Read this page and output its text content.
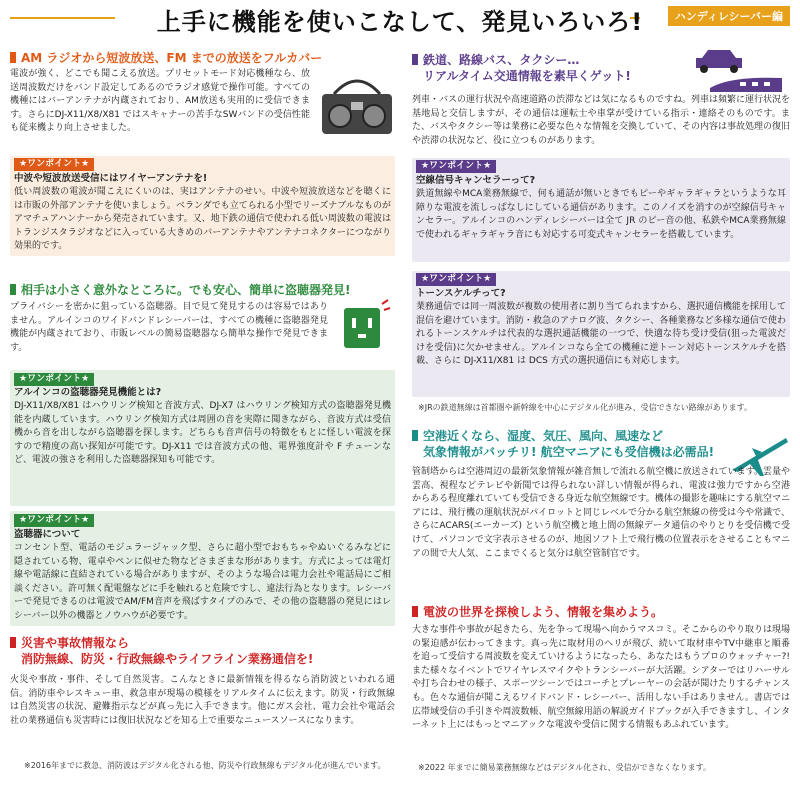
上手に機能を使いこなして、発見いろいろ!	ハンディレシーバー編
AM ラジオから短波放送、FM までの放送をフルカバー
電波が強く、どこでも聞こえる放送。プリセットモード対応機種なら、放送周波数だけをバンド設定してあるのでラジオ感覚で操作可能。すべての機種にはバーアンテナが内蔵されており、AM放送も実用的に受信できます。さらにDJ-X11/X8/X81 ではスキャナーの苦手なSWバンドの受信性能も従来機より向上させました。
★ワンポイント★
中波や短波放送受信にはワイヤーアンテナを!
低い周波数の電波が聞こえにくいのは、実はアンテナのせい。中波や短波放送などを聴くには市販の外部アンテナを使いましょう。ベランダでも立てられる小型でリーズナブルなものがアマチュアハンナーから発売されています。又、地下鉄の通信で使われる低い周波数の電波はトランジスタラジオなどに入っている大きめのバーアンテナやアンテナコネクターにつながり効果的です。
相手は小さく意外なところに。でも安心、簡単に盗聴器発見!
プライバシーを密かに狙っている盗聴器。目で見て発見するのは容易ではありません。アルインコのワイドバンドレシーバーは、すべての機種に盗聴器発見機能が内蔵されており、市販レベルの簡易盗聴器なら簡単な操作で発見できます。
★ワンポイント★
アルインコの盗聴器発見機能とは?
DJ-X11/X8/X81 はハウリング検知と音波方式、DJ-X7 はハウリング検知方式の盗聴器発見機能を内蔵しています。ハウリング検知方式は周囲の音を実際に聞きながら、音波方式は受信機から音を出しながら盗聴器を探します。どちらも音声信号の特徴をもとに怪しい電波を探すので精度の高い探知が可能です。DJ-X11 では音波方式の他、電界強度計や F チューンなど、電波の強さを利用した盗聴器探知も可能です。
★ワンポイント★
盗聴器について
コンセント型、電話のモジュラージャック型、さらに超小型でおもちゃやぬいぐるみなどに隠されている物、電卓やペンに似せた物などさまざまな形があります。方式によっては電灯線や電話線に直結されている場合がありますが、そのような場合は電力会社や電話局にご相談ください。許可無く配電盤などに手を触れると危険ですし、違法行為となります。レシーバーで発見できるのは電波でAM/FM音声を飛ばすタイプのみで、その他の盗聴器の発見にはレシーバー以外の機器とノウハウが必要です。
災害や事故情報なら
消防無線、防災・行政無線やライフライン業務通信を!
火災や事故・事件、そして自然災害。こんなときに最新情報を得るなら消防波といわれる通信。消防車やレスキュー車、救急車が現場の模様をリアルタイムに伝えます。防災・行政無線は自然災害の状況、避難指示などが真っ先に入手できます。他にガス会社、電力会社や電話会社の業務通信も災害時には復旧状況などを知る上で重要なニュースソースになります。
※2016年までに救急、消防波はデジタル化される他、防災や行政無線もデジタル化が進んでいます。
鉄道、路線バス、タクシー…
リアルタイム交通情報を素早くゲット!
列車・バスの運行状況や高速道路の渋滞などは気になるものですね。列車は頻繁に運行状況を基地局と交信しますが、その通信は運転士や車掌が受けている指示・連絡そのものです。また、バスやタクシー等は業務に必要な色々な情報を交換していて、その内容は事故処理の復旧や渋滞の状況など、役に立つものがあります。
★ワンポイント★
空線信号キャンセラーって?
鉄道無線やMCA業務無線で、何も通話が無いときでもピーやギャラギャラというような耳障りな電波を流しっぱなしにしている通信があります。このノイズを消すのが空線信号キャンセラー。アルインコのハンディレシーバーは全て JR のピー音の他、私鉄やMCA業務無線で使われるギャラギャラ音にも対応する可変式キャンセラーを搭載しています。
★ワンポイント★
トーンスケルチって?
業務通信では同一周波数が複数の使用者に割り当てられますから、選択通信機能を採用して混信を避けています。消防・救急のアナログ波、タクシー、各種業務など多様な通信で使われるトーンスケルチは代表的な選択通話機能の一つで、快適な待ち受け受信(狙った電波だけを受信)に欠かせません。アルインコなら全ての機種に逆トーン対応トーンスケルチを搭載、さらに DJ-X11/X81 は DCS 方式の選択通信にも対応します。
※JRの鉄道無線は首都圏や新幹線を中心にデジタル化が進み、受信できない路線があります。
空港近くなら、湿度、気圧、風向、風速など
気象情報がバッチリ! 航空マニアにも受信機は必需品!
管制塔からは空港周辺の最新気象情報が雑音無しで流れる航空機に放送されています。雲量や雲高、視程などテレビや新聞では得られない詳しい情報が得られ、電波は強力ですから空港からある程度離れていても受信できる身近な航空無線です。機体の撮影を趣味にする航空マニアには、飛行機の運航状況がパイロットと同じレベルで分かる航空無線の傍受は今や常識で、さらにACARS(エーカーズ) という航空機と地上間の無線データ通信のやりとりを受信機で受けて、パソコンで文字表示させるのが、地図ソフト上で飛行機の位置表示をさせることもマニアの間で大人気、ここまでくると気分は航空管制官です。
電波の世界を探検しよう、情報を集めよう。
大きな事件や事故が起きたら、先を争って現場へ向かうマスコミ。そこからのやり取りは現場の緊迫感が伝わってきます。真っ先に取材用のヘリが飛び、続いて取材車やTV中継車と順番を追って受信する周波数を変えていけるようになったら、あなたはもうプロのウォッチャー?! また様々なイベントでワイヤレスマイクやトランシーバーが大活躍。シアターではリハーサルや打ち合わせの様子、スポーツシーンではコーチとプレーヤーの会話が聞けたりするチャンスも。色々な通信が聞こえるワイドバンド・レシーバー、活用しない手はありません。書店では広帯域受信の手引きや周波数帳、航空無線用語の解説ガイドブックが入手できますし、インターネット上にはもっとマニアックな電波や受信に関する情報もあふれています。
※2022 年までに簡易業務無線などはデジタル化され、受信ができなくなります。
